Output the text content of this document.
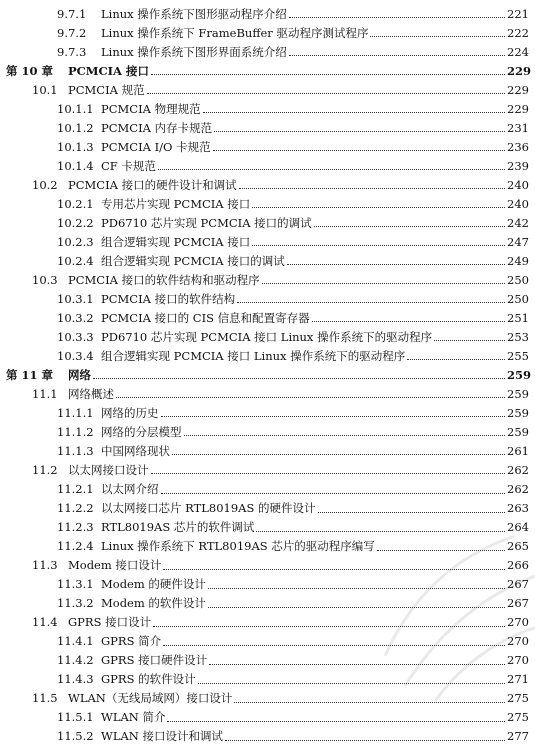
9.7.1	Linux 操作系统下图形驱动程序介绍	221
9.7.2	Linux 操作系统下 FrameBuffer 驱动程序测试程序	222
9.7.3	Linux 操作系统下图形界面系统介绍	224
第 10 章	PCMCIA 接口	229
10.1 PCMCIA 规范	229
10.1.1 PCMCIA 物理规范	229
10.1.2 PCMCIA 内存卡规范	231
10.1.3 PCMCIA I/O 卡规范	236
10.1.4 CF 卡规范	239
10.2 PCMCIA 接口的硬件设计和调试	240
10.2.1 专用芯片实现 PCMCIA 接口	240
10.2.2 PD6710 芯片实现 PCMCIA 接口的调试	242
10.2.3 组合逻辑实现 PCMCIA 接口	247
10.2.4 组合逻辑实现 PCMCIA 接口的调试	249
10.3 PCMCIA 接口的软件结构和驱动程序	250
10.3.1 PCMCIA 接口的软件结构	250
10.3.2 PCMCIA 接口的 CIS 信息和配置寄存器	251
10.3.3 PD6710 芯片实现 PCMCIA 接口 Linux 操作系统下的驱动程序	253
10.3.4 组合逻辑实现 PCMCIA 接口 Linux 操作系统下的驱动程序	255
第 11 章	网络	259
11.1 网络概述	259
11.1.1 网络的历史	259
11.1.2 网络的分层模型	259
11.1.3 中国网络现状	261
11.2 以太网接口设计	262
11.2.1 以太网介绍	262
11.2.2 以太网接口芯片 RTL8019AS 的硬件设计	263
11.2.3 RTL8019AS 芯片的软件调试	264
11.2.4 Linux 操作系统下 RTL8019AS 芯片的驱动程序编写	265
11.3 Modem 接口设计	266
11.3.1 Modem 的硬件设计	267
11.3.2 Modem 的软件设计	267
11.4 GPRS 接口设计	270
11.4.1 GPRS 简介	270
11.4.2 GPRS 接口硬件设计	270
11.4.3 GPRS 的软件设计	271
11.5 WLAN（无线局域网）接口设计	275
11.5.1 WLAN 简介	275
11.5.2 WLAN 接口设计和调试	277
